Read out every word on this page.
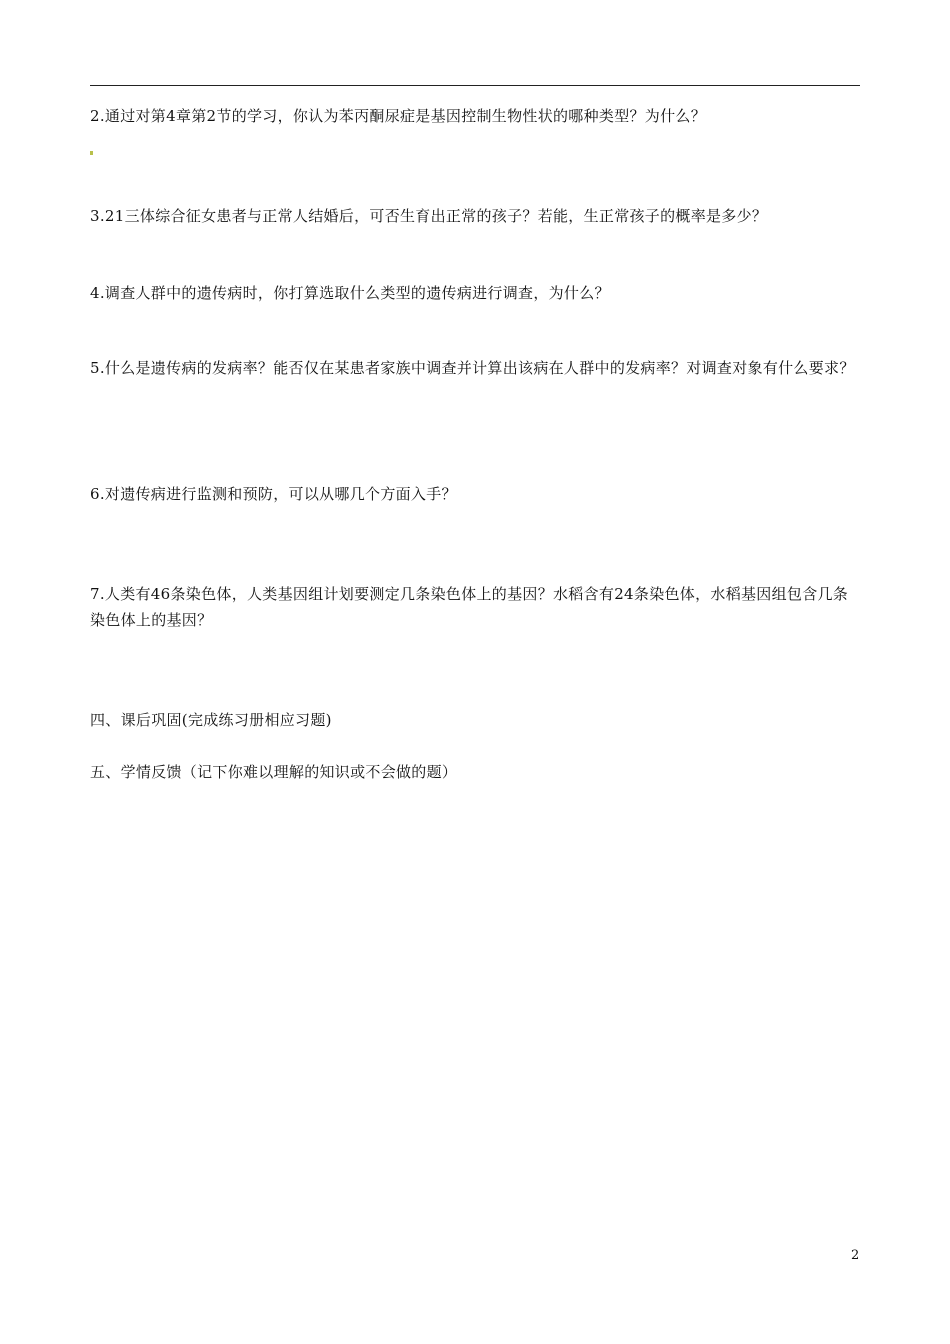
2.通过对第4章第2节的学习，你认为苯丙酮尿症是基因控制生物性状的哪种类型？为什么？

3.21三体综合征女患者与正常人结婚后，可否生育出正常的孩子？若能，生正常孩子的概率是多少？

4.调查人群中的遗传病时，你打算选取什么类型的遗传病进行调查，为什么？

5.什么是遗传病的发病率？能否仅在某患者家族中调查并计算出该病在人群中的发病率？对调查对象有什么要求？

6.对遗传病进行监测和预防，可以从哪几个方面入手？

7.人类有46条染色体，人类基因组计划要测定几条染色体上的基因？水稻含有24条染色体，水稻基因组包含几条染色体上的基因？

四、课后巩固(完成练习册相应习题)

五、学情反馈（记下你难以理解的知识或不会做的题）

2
